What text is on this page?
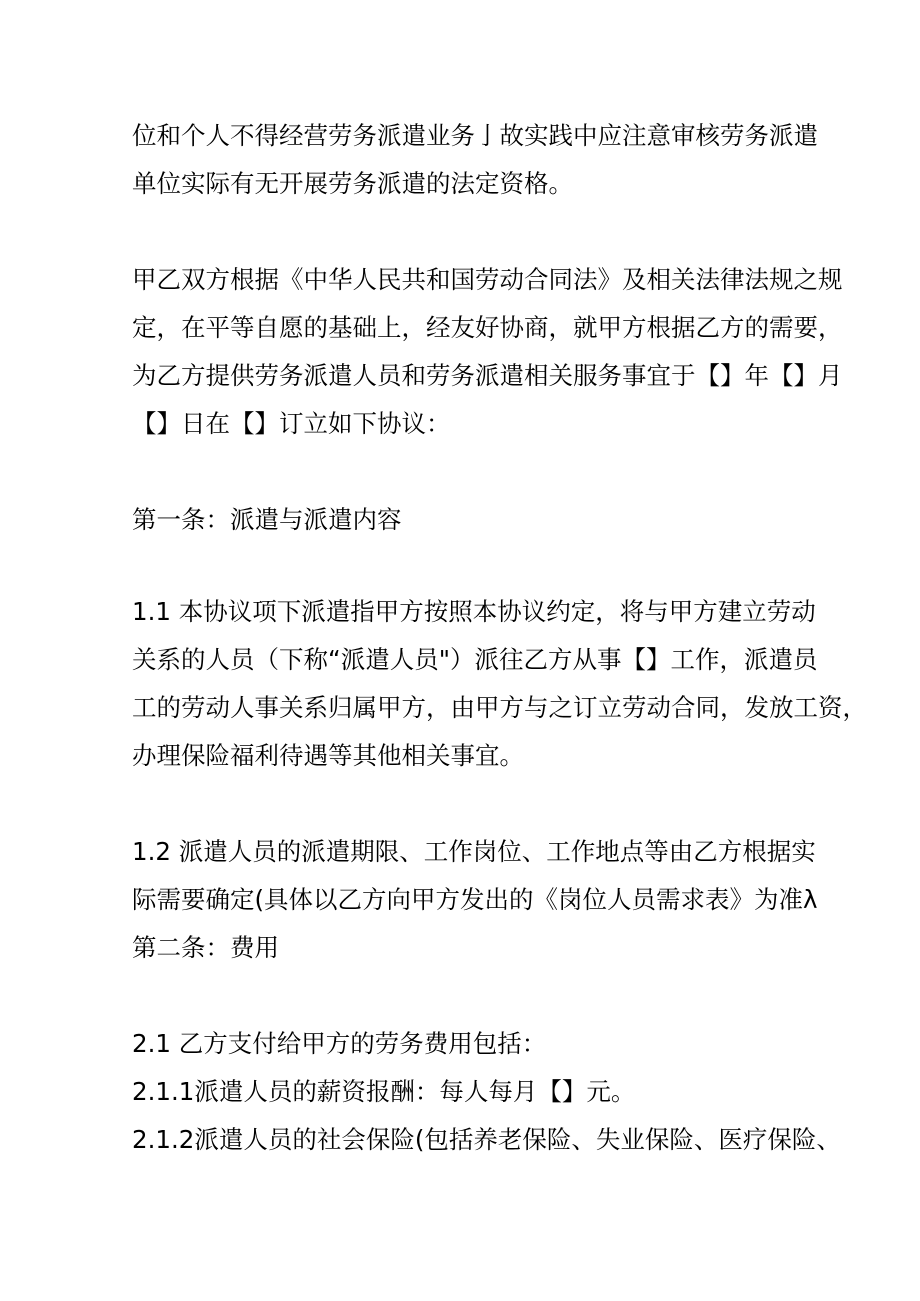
位和个人不得经营劳务派遣业务亅故实践中应注意审核劳务派遣
单位实际有无开展劳务派遣的法定资格。
甲乙双方根据《中华人民共和国劳动合同法》及相关法律法规之规
定，在平等自愿的基础上，经友好协商，就甲方根据乙方的需要，
为乙方提供劳务派遣人员和劳务派遣相关服务事宜于【】年【】月
【】日在【】订立如下协议：
第一条：派遣与派遣内容
1.1 本协议项下派遣指甲方按照本协议约定，将与甲方建立劳动
关系的人员（下称“派遣人员"）派往乙方从事【】工作，派遣员
工的劳动人事关系归属甲方，由甲方与之订立劳动合同，发放工资，
办理保险福利待遇等其他相关事宜。
1.2 派遣人员的派遣期限、工作岗位、工作地点等由乙方根据实
际需要确定(具体以乙方向甲方发出的《岗位人员需求表》为准λ
第二条：费用
2.1 乙方支付给甲方的劳务费用包括：
2.1.1派遣人员的薪资报酬：每人每月【】元。
2.1.2派遣人员的社会保险(包括养老保险、失业保险、医疗保险、
